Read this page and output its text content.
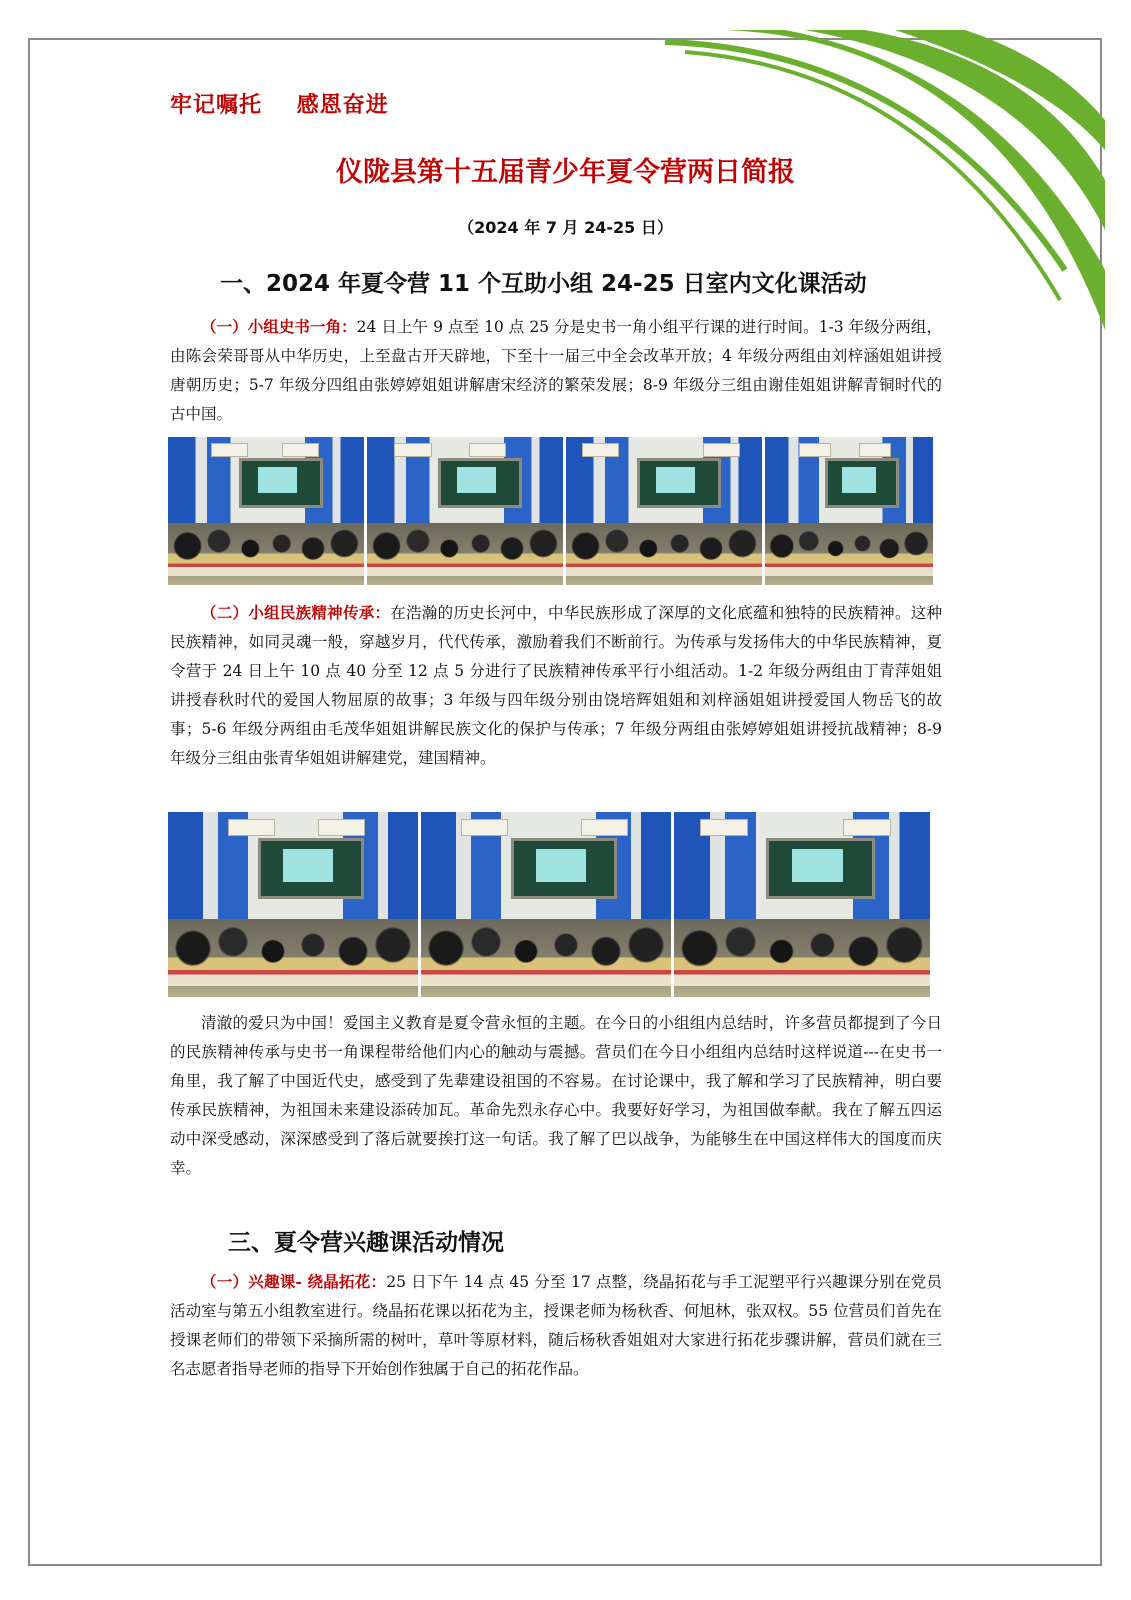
牢记嘱托    感恩奋进
仪陇县第十五届青少年夏令营两日简报
（2024 年 7 月 24-25 日）
一、2024 年夏令营 11 个互助小组 24-25 日室内文化课活动
（一）小组史书一角：24 日上午 9 点至 10 点 25 分是史书一角小组平行课的进行时间。1-3 年级分两组，由陈会荣哥哥从中华历史，上至盘古开天辟地，下至十一届三中全会改革开放；4 年级分两组由刘梓涵姐姐讲授唐朝历史；5-7 年级分四组由张婷婷姐姐讲解唐宋经济的繁荣发展；8-9 年级分三组由谢佳姐姐讲解青铜时代的古中国。
（二）小组民族精神传承：在浩瀚的历史长河中，中华民族形成了深厚的文化底蕴和独特的民族精神。这种民族精神，如同灵魂一般，穿越岁月，代代传承，激励着我们不断前行。为传承与发扬伟大的中华民族精神，夏令营于 24 日上午 10 点 40 分至 12 点 5 分进行了民族精神传承平行小组活动。1-2 年级分两组由丁青萍姐姐讲授春秋时代的爱国人物屈原的故事；3 年级与四年级分别由饶培辉姐姐和刘梓涵姐姐讲授爱国人物岳飞的故事；5-6 年级分两组由毛茂华姐姐讲解民族文化的保护与传承；7 年级分两组由张婷婷姐姐讲授抗战精神；8-9 年级分三组由张青华姐姐讲解建党，建国精神。
清澈的爱只为中国！爱国主义教育是夏令营永恒的主题。在今日的小组组内总结时，许多营员都提到了今日的民族精神传承与史书一角课程带给他们内心的触动与震撼。营员们在今日小组组内总结时这样说道---在史书一角里，我了解了中国近代史，感受到了先辈建设祖国的不容易。在讨论课中，我了解和学习了民族精神，明白要传承民族精神，为祖国未来建设添砖加瓦。革命先烈永存心中。我要好好学习，为祖国做奉献。我在了解五四运动中深受感动，深深感受到了落后就要挨打这一句话。我了解了巴以战争，为能够生在中国这样伟大的国度而庆幸。
三、夏令营兴趣课活动情况
（一）兴趣课- 绕晶拓花：25 日下午 14 点 45 分至 17 点整，绕晶拓花与手工泥塑平行兴趣课分别在党员活动室与第五小组教室进行。绕晶拓花课以拓花为主，授课老师为杨秋香、何旭林，张双权。55 位营员们首先在授课老师们的带领下采摘所需的树叶，草叶等原材料，随后杨秋香姐姐对大家进行拓花步骤讲解，营员们就在三名志愿者指导老师的指导下开始创作独属于自己的拓花作品。
